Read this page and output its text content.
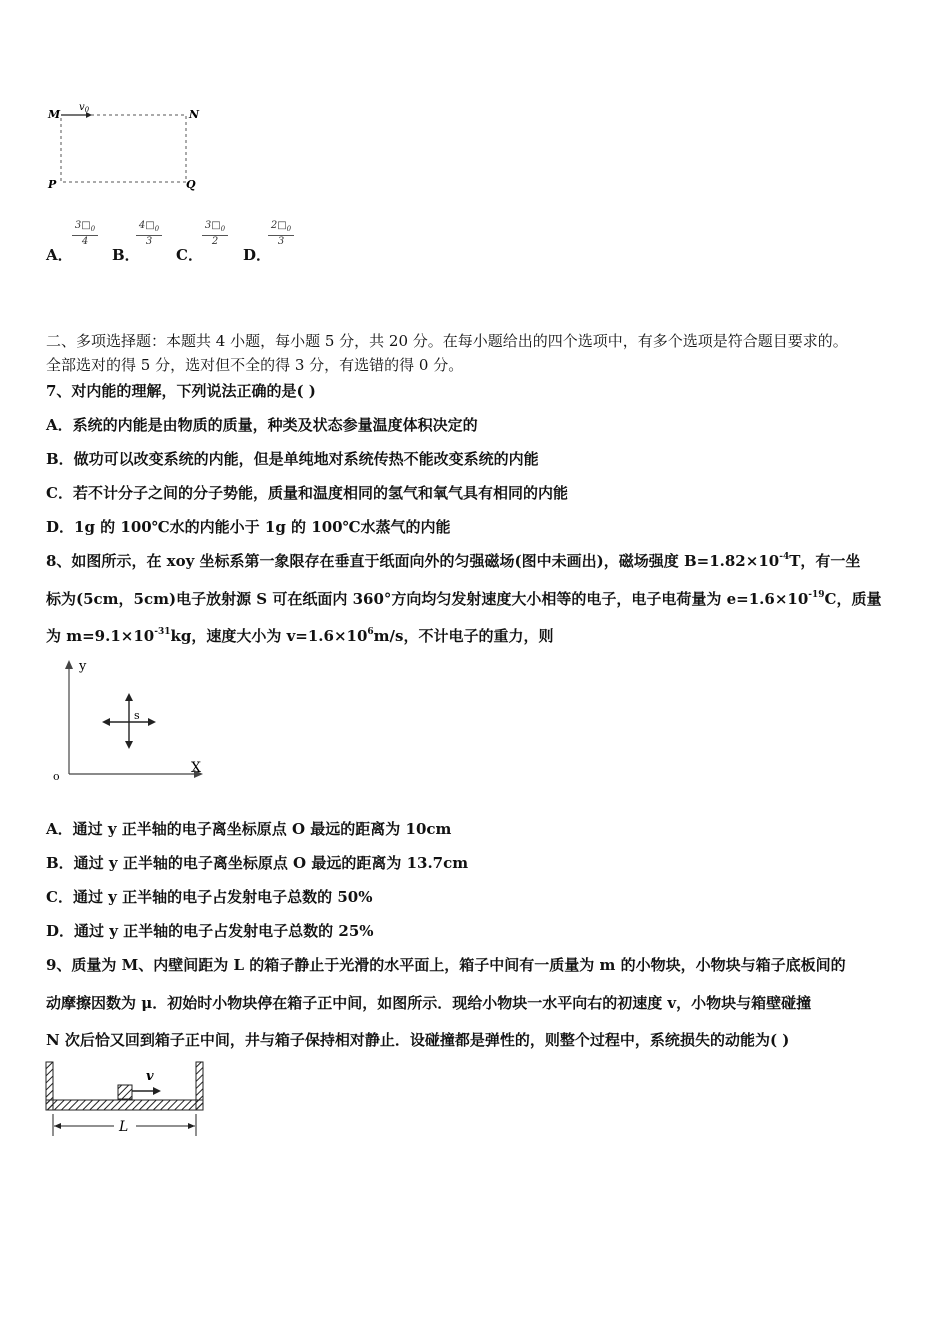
M	N
P	Q
$v_0$
A．
$\frac{3□_0}{4}$
B．
$\frac{4□_0}{3}$
C．
$\frac{3□_0}{2}$
D．
$\frac{2□_0}{3}$
二、多项选择题：本题共 4 小题，每小题 5 分，共 20 分。在每小题给出的四个选项中，有多个选项是符合题目要求的。
全部选对的得 5 分，选对但不全的得 3 分，有选错的得 0 分。
7、对内能的理解，下列说法正确的是( )
A．系统的内能是由物质的质量，种类及状态参量温度体积决定的
B．做功可以改变系统的内能，但是单纯地对系统传热不能改变系统的内能
C．若不计分子之间的分子势能，质量和温度相同的氢气和氧气具有相同的内能
D．1g 的 100℃水的内能小于 1g 的 100℃水蒸气的内能
8、如图所示，在 xoy 坐标系第一象限存在垂直于纸面向外的匀强磁场(图中未画出)，磁场强度 $B=1.82\times 10^{-4}T$，有一坐
标为(5cm，5cm)电子放射源 S 可在纸面内 360°方向均匀发射速度大小相等的电子，电子电荷量为 $e=1.6\times 10^{-19}C$，质量
为 $m=9.1\times 10^{-31}kg$，速度大小为 $v=1.6\times 10^6m/s$，不计电子的重力，则
y
X
o
s
A．通过 y 正半轴的电子离坐标原点 O 最远的距离为 10cm
B．通过 y 正半轴的电子离坐标原点 O 最远的距离为 13.7cm
C．通过 y 正半轴的电子占发射电子总数的 50%
D．通过 y 正半轴的电子占发射电子总数的 25%
9、质量为 M、内壁间距为 L 的箱子静止于光滑的水平面上，箱子中间有一质量为 m 的小物块，小物块与箱子底板间的
动摩擦因数为 μ．初始时小物块停在箱子正中间，如图所示．现给小物块一水平向右的初速度 v，小物块与箱壁碰撞
N 次后恰又回到箱子正中间，井与箱子保持相对静止．设碰撞都是弹性的，则整个过程中，系统损失的动能为( )
v
L
